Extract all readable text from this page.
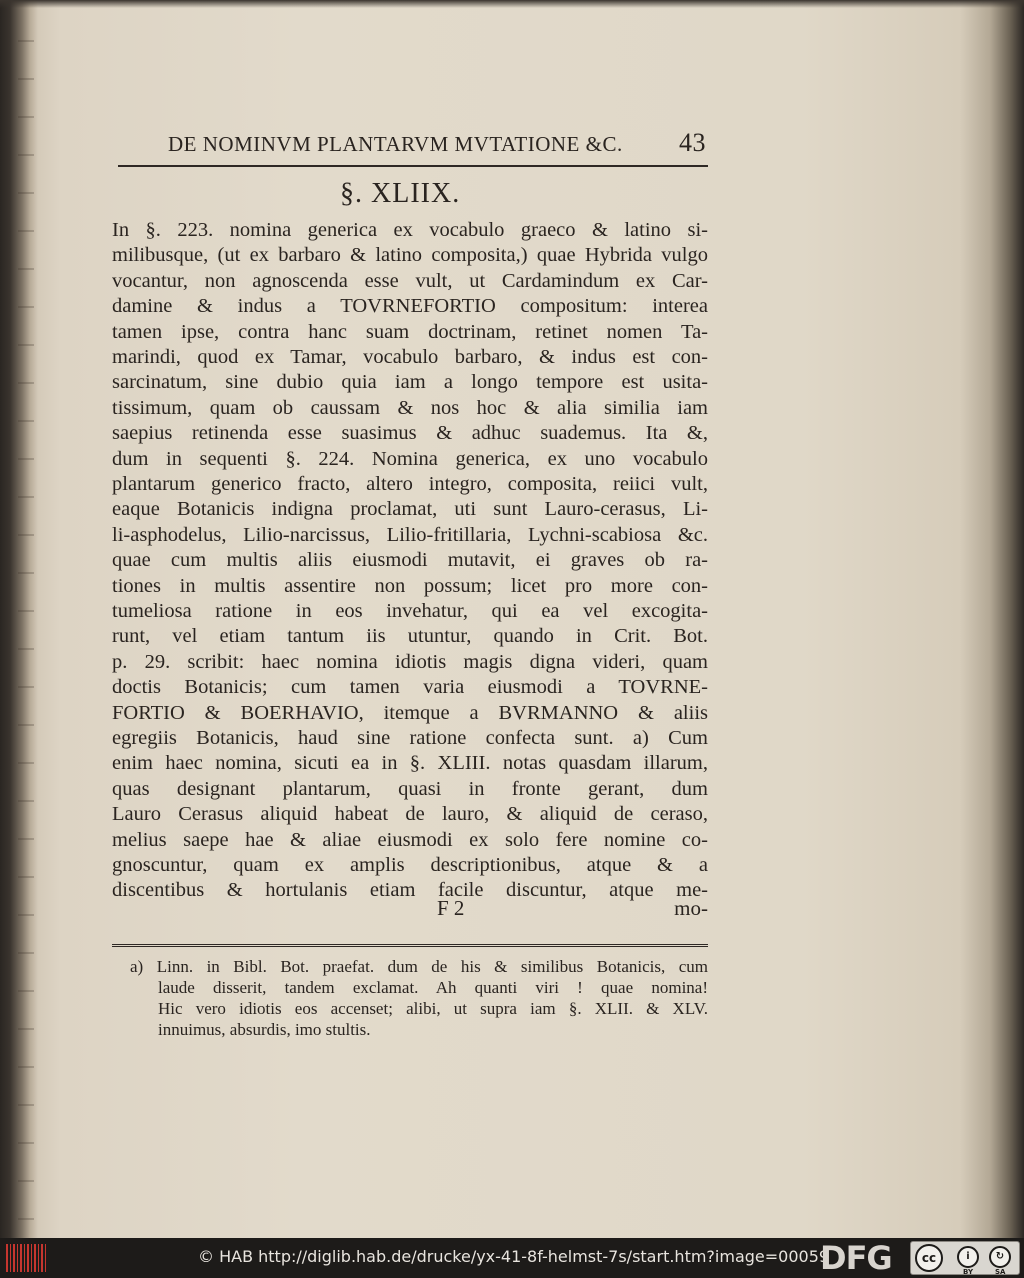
DE NOMINVM PLANTARVM MVTATIONE &C. 43
§. XLIIX.
In §. 223. nomina generica ex vocabulo graeco & latino si-
milibusque, (ut ex barbaro & latino composita,) quae Hybrida vulgo
vocantur, non agnoscenda esse vult, ut Cardamindum ex Car-
damine & indus a TOVRNEFORTIO compositum: interea
tamen ipse, contra hanc suam doctrinam, retinet nomen Ta-
marindi, quod ex Tamar, vocabulo barbaro, & indus est con-
sarcinatum, sine dubio quia iam a longo tempore est usita-
tissimum, quam ob caussam & nos hoc & alia similia iam
saepius retinenda esse suasimus & adhuc suademus. Ita &,
dum in sequenti §. 224. Nomina generica, ex uno vocabulo
plantarum generico fracto, altero integro, composita, reiici vult,
eaque Botanicis indigna proclamat, uti sunt Lauro-cerasus, Li-
li-asphodelus, Lilio-narcissus, Lilio-fritillaria, Lychni-scabiosa &c.
quae cum multis aliis eiusmodi mutavit, ei graves ob ra-
tiones in multis assentire non possum; licet pro more con-
tumeliosa ratione in eos invehatur, qui ea vel excogita-
runt, vel etiam tantum iis utuntur, quando in Crit. Bot.
p. 29. scribit: haec nomina idiotis magis digna videri, quam
doctis Botanicis; cum tamen varia eiusmodi a TOVRNE-
FORTIO & BOERHAVIO, itemque a BVRMANNO & aliis
egregiis Botanicis, haud sine ratione confecta sunt. a) Cum
enim haec nomina, sicuti ea in §. XLIII. notas quasdam illarum,
quas designant plantarum, quasi in fronte gerant, dum
Lauro Cerasus aliquid habeat de lauro, & aliquid de ceraso,
melius saepe hae & aliae eiusmodi ex solo fere nomine co-
gnoscuntur, quam ex amplis descriptionibus, atque & a
discentibus & hortulanis etiam facile discuntur, atque me-
F 2	mo-
a) Linn. in Bibl. Bot. praefat. dum de his & similibus Botanicis, cum
laude disserit, tandem exclamat. Ah quanti viri ! quae nomina!
Hic vero idiotis eos accenset; alibi, ut supra iam §. XLII. & XLV.
innuimus, absurdis, imo stultis.
© HAB http://diglib.hab.de/drucke/yx-41-8f-helmst-7s/start.htm?image=00059
DFG	cc	i	↻
BY	SA
